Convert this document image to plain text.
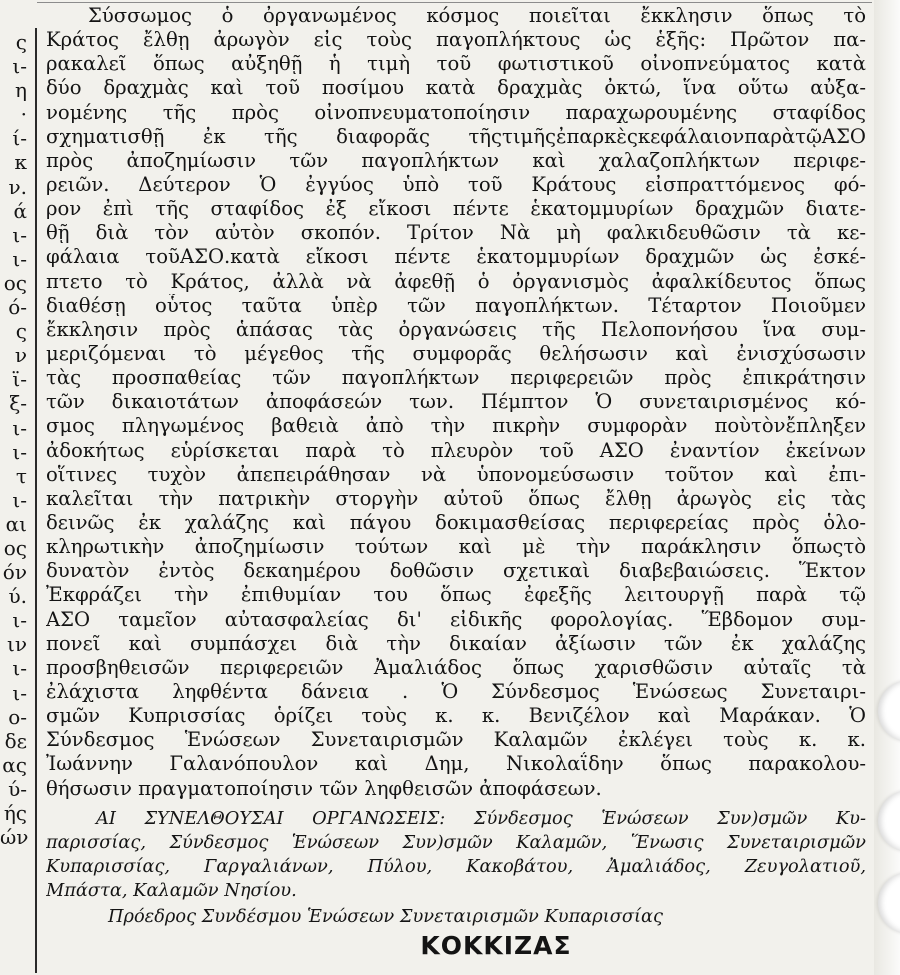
ς
ι-
η
·
ί-
κ
ν.
ά
ι-
ι-
ος
ό-
ς
ν
ϊ-
ξ-
ι-
ι-
τ
ι-
αι
ος
όν
ύ.
ι-
ιν
ι-
ι-
ο-
δε
ας
ύ-
ής
ών
Σύσσωμος ὁ ὀργανωμένος κόσμος ποιεῖται ἔκκλησιν ὅπως τὸ
Κράτος ἔλθῃ ἀρωγὸν εἰς τοὺς παγοπλήκτους ὡς ἑξῆς: Πρῶτον πα-
ρακαλεῖ ὅπως αὐξηθῇ ἡ τιμὴ τοῦ φωτιστικοῦ οἰνοπνεύματος κατὰ
δύο δραχμὰς καὶ τοῦ ποσίμου κατὰ δραχμὰς ὀκτώ, ἵνα οὕτω αὐξα-
νομένης τῆς πρὸς οἰνοπνευματοποίησιν παραχωρουμένης σταφίδος
σχηματισθῇ ἐκ τῆς διαφορᾶς τῆςτιμῆςἐπαρκὲςκεφάλαιονπαρὰτῷΑΣΟ
πρὸς ἀποζημίωσιν τῶν παγοπλήκτων καὶ χαλαζοπλήκτων περιφε-
ρειῶν. Δεύτερον Ὁ ἐγγύος ὑπὸ τοῦ Κράτους εἰσπραττόμενος φό-
ρον ἐπὶ τῆς σταφίδος ἐξ εἴκοσι πέντε ἑκατομμυρίων δραχμῶν διατε-
θῇ διὰ τὸν αὐτὸν σκοπόν. Τρίτον Νὰ μὴ φαλκιδευθῶσιν τὰ κε-
φάλαια τοῦΑΣΟ.κατὰ εἴκοσι πέντε ἑκατομμυρίων δραχμῶν ὡς ἐσκέ-
πτετο τὸ Κράτος, ἀλλὰ νὰ ἀφεθῇ ὁ ὀργανισμὸς ἀφαλκίδευτος ὅπως
διαθέσῃ οὗτος ταῦτα ὑπὲρ τῶν παγοπλήκτων. Τέταρτον Ποιοῦμεν
ἔκκλησιν πρὸς ἁπάσας τὰς ὀργανώσεις τῆς Πελοπονήσου ἵνα συμ-
μεριζόμεναι τὸ μέγεθος τῆς συμφορᾶς θελήσωσιν καὶ ἐνισχύσωσιν
τὰς προσπαθείας τῶν παγοπλήκτων περιφερειῶν πρὸς ἐπικράτησιν
τῶν δικαιοτάτων ἀποφάσεών των. Πέμπτον Ὁ συνεταιρισμένος κό-
σμος πληγωμένος βαθειὰ ἀπὸ τὴν πικρὴν συμφορὰν ποὺτὸνἔπληξεν
ἀδοκήτως εὑρίσκεται παρὰ τὸ πλευρὸν τοῦ ΑΣΟ ἐναντίον ἐκείνων
οἵτινες τυχὸν ἀπεπειράθησαν νὰ ὑπονομεύσωσιν τοῦτον καὶ ἐπι-
καλεῖται τὴν πατρικὴν στοργὴν αὐτοῦ ὅπως ἔλθῃ ἀρωγὸς εἰς τὰς
δεινῶς ἐκ χαλάζης καὶ πάγου δοκιμασθείσας περιφερείας πρὸς ὁλο-
κληρωτικὴν ἀποζημίωσιν τούτων καὶ μὲ τὴν παράκλησιν ὅπωςτὸ
δυνατὸν ἐντὸς δεκαημέρου δοθῶσιν σχετικαὶ διαβεβαιώσεις. Ἕκτον
Ἐκφράζει τὴν ἐπιθυμίαν του ὅπως ἐφεξῆς λειτουργῇ παρὰ τῷ
ΑΣΟ ταμεῖον αὐτασφαλείας δι' εἰδικῆς φορολογίας. Ἕβδομον συμ-
πονεῖ καὶ συμπάσχει διὰ τὴν δικαίαν ἀξίωσιν τῶν ἐκ χαλάζης
προσβηθεισῶν περιφερειῶν Ἀμαλιάδος ὅπως χαρισθῶσιν αὐταῖς τὰ
ἐλάχιστα ληφθέντα δάνεια . Ὁ Σύνδεσμος Ἑνώσεως Συνεταιρι-
σμῶν Κυπρισσίας ὁρίζει τοὺς κ. κ. Βενιζέλον καὶ Μαράκαν. Ὁ
Σύνδεσμος Ἑνώσεων Συνεταιρισμῶν Καλαμῶν ἐκλέγει τοὺς κ. κ.
Ἰωάννην Γαλανόπουλον καὶ Δημ, Νικολαΐδην ὅπως παρακολου-
θήσωσιν πραγματοποίησιν τῶν ληφθεισῶν ἀποφάσεων.
ΑΙ ΣΥΝΕΛΘΟΥΣΑΙ ΟΡΓΑΝΩΣΕΙΣ: Σύνδεσμος Ἑνώσεων Συν)σμῶν Κυ-
παρισσίας, Σύνδεσμος Ἑνώσεων Συν)σμῶν Καλαμῶν, Ἕνωσις Συνεταιρισμῶν
Κυπαρισσίας, Γαργαλιάνων, Πύλου, Κακοβάτου, Ἀμαλιάδος, Ζευγολατιοῦ,
Μπάστα, Καλαμῶν Νησίου.
Πρόεδρος Συνδέσμου Ἑνώσεων Συνεταιρισμῶν Κυπαρισσίας
ΚΟΚΚΙΖΑΣ
